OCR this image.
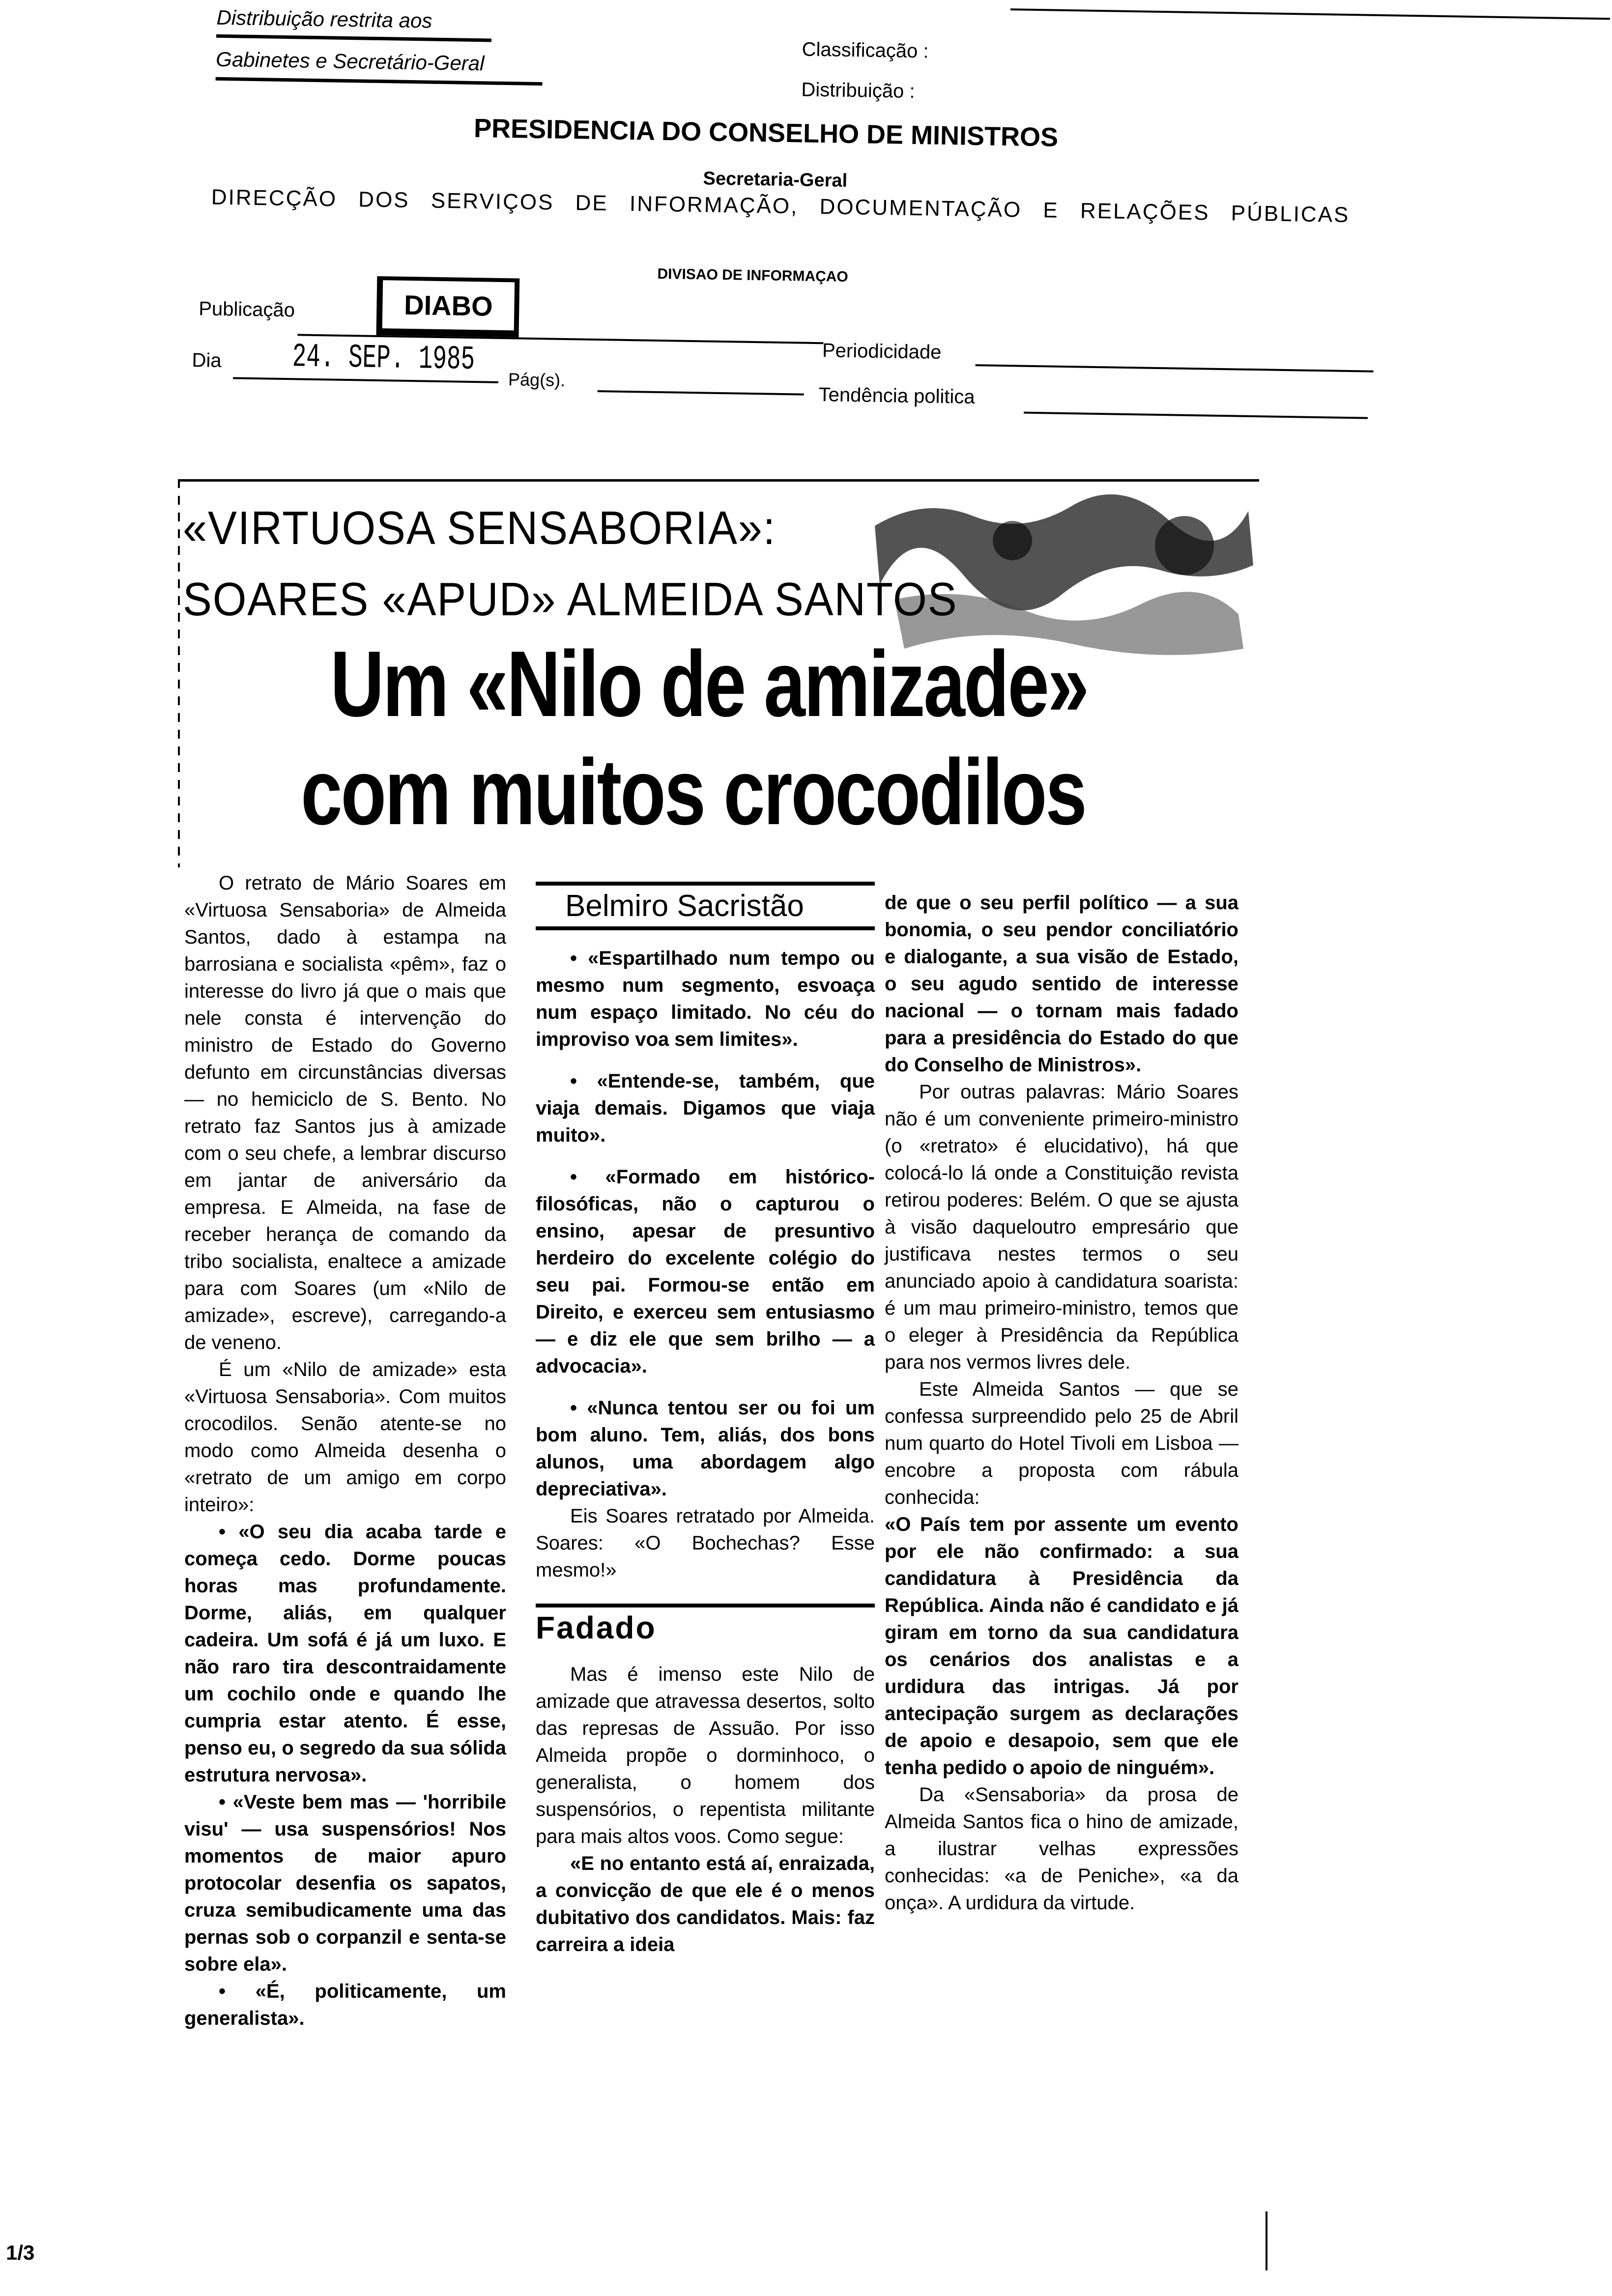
Distribuição restrita aos
Gabinetes e Secretário-Geral	Classificação :
Distribuição :
PRESIDENCIA DO CONSELHO DE MINISTROS
Secretaria-Geral
DIRECÇÃO DOS SERVIÇOS DE INFORMAÇÃO, DOCUMENTAÇÃO E RELAÇÕES PÚBLICAS
DIVISAO DE INFORMAÇAO
Publicação	DIABO
Periodicidade
Dia 24. SEP. 1985
Pág(s).
Tendência politica
«VIRTUOSA SENSABORIA»:
SOARES «APUD» ALMEIDA SANTOS
Um «Nilo de amizade»
com muitos crocodilos

O retrato de Mário Soares em «Virtuosa Sensaboria» de Almeida Santos, dado à estampa na barrosiana e socialista «pêm», faz o interesse do livro já que o mais que nele consta é intervenção do ministro de Estado do Governo defunto em circunstâncias diversas — no hemiciclo de S. Bento. No retrato faz Santos jus à amizade com o seu chefe, a lembrar discurso em jantar de aniversário da empresa. E Almeida, na fase de receber herança de comando da tribo socialista, enaltece a amizade para com Soares (um «Nilo de amizade», escreve), carregando-a de veneno.

É um «Nilo de amizade» esta «Virtuosa Sensaboria». Com muitos crocodilos. Senão atente-se no modo como Almeida desenha o «retrato de um amigo em corpo inteiro»:

• «O seu dia acaba tarde e começa cedo. Dorme poucas horas mas profundamente. Dorme, aliás, em qualquer cadeira. Um sofá é já um luxo. E não raro tira descontraidamente um cochilo onde e quando lhe cumpria estar atento. É esse, penso eu, o segredo da sua sólida estrutura nervosa».

• «Veste bem mas — 'horribile visu' — usa suspensórios! Nos momentos de maior apuro protocolar desenfia os sapatos, cruza semibudicamente uma das pernas sob o corpanzil e senta-se sobre ela».

• «É, politicamente, um generalista».

Belmiro Sacristão

• «Espartilhado num tempo ou mesmo num segmento, esvoaça num espaço limitado. No céu do improviso voa sem limites».

• «Entende-se, também, que viaja demais. Digamos que viaja muito».

• «Formado em histórico-filosóficas, não o capturou o ensino, apesar de presuntivo herdeiro do excelente colégio do seu pai. Formou-se então em Direito, e exerceu sem entusiasmo — e diz ele que sem brilho — a advocacia».

• «Nunca tentou ser ou foi um bom aluno. Tem, aliás, dos bons alunos, uma abordagem algo depreciativa».

Eis Soares retratado por Almeida. Soares: «O Bochechas? Esse mesmo!»

Fadado

Mas é imenso este Nilo de amizade que atravessa desertos, solto das represas de Assuão. Por isso Almeida propõe o dorminhoco, o generalista, o homem dos suspensórios, o repentista militante para mais altos voos. Como segue:

«E no entanto está aí, enraizada, a convicção de que ele é o menos dubitativo dos candidatos. Mais: faz carreira a ideia

de que o seu perfil político — a sua bonomia, o seu pendor conciliatório e dialogante, a sua visão de Estado, o seu agudo sentido de interesse nacional — o tornam mais fadado para a presidência do Estado do que do Conselho de Ministros».

Por outras palavras: Mário Soares não é um conveniente primeiro-ministro (o «retrato» é elucidativo), há que colocá-lo lá onde a Constituição revista retirou poderes: Belém. O que se ajusta à visão daqueloutro empresário que justificava nestes termos o seu anunciado apoio à candidatura soarista: é um mau primeiro-ministro, temos que o eleger à Presidência da República para nos vermos livres dele.

Este Almeida Santos — que se confessa surpreendido pelo 25 de Abril num quarto do Hotel Tivoli em Lisboa — encobre a proposta com rábula conhecida:

«O País tem por assente um evento por ele não confirmado: a sua candidatura à Presidência da República. Ainda não é candidato e já giram em torno da sua candidatura os cenários dos analistas e a urdidura das intrigas. Já por antecipação surgem as declarações de apoio e desapoio, sem que ele tenha pedido o apoio de ninguém».

Da «Sensaboria» da prosa de Almeida Santos fica o hino de amizade, a ilustrar velhas expressões conhecidas: «a de Peniche», «a da onça». A urdidura da virtude.

1/3
